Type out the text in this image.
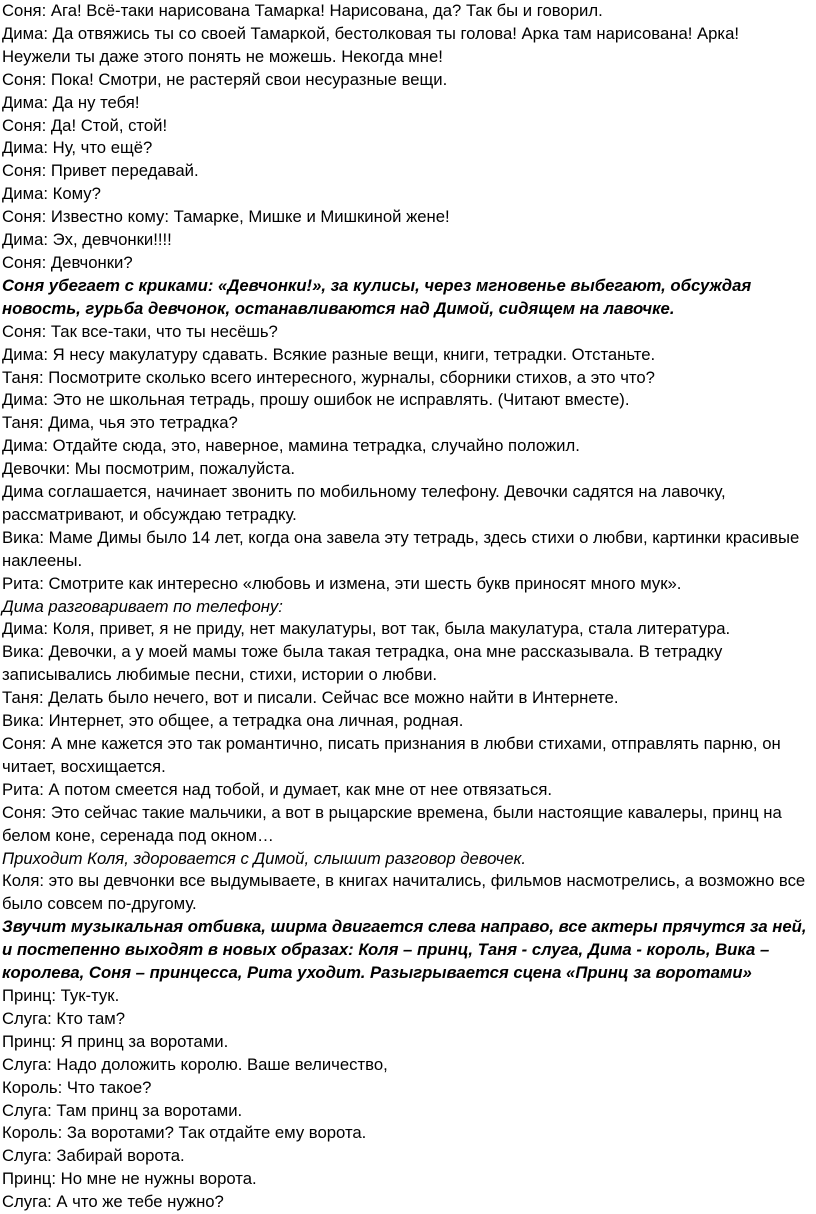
Соня: Ага! Всё-таки нарисована Тамарка! Нарисована, да? Так бы и говорил.

Дима: Да отвяжись ты со своей Тамаркой, бестолковая ты голова! Арка там нарисована! Арка! Неужели ты даже этого понять не можешь. Некогда мне!

Соня: Пока! Смотри, не растеряй свои несуразные вещи.

Дима: Да ну тебя!

Соня: Да! Стой, стой!

Дима: Ну, что ещё?

Соня: Привет передавай.

Дима: Кому?

Соня: Известно кому: Тамарке, Мишке и Мишкиной жене!

Дима: Эх, девчонки!!!!

Соня: Девчонки?

Соня убегает с криками: «Девчонки!», за кулисы, через мгновенье выбегают, обсуждая новость, гурьба девчонок, останавливаются над Димой, сидящем на лавочке.

Соня: Так все-таки, что ты несёшь?

Дима: Я несу макулатуру сдавать. Всякие разные вещи, книги, тетрадки. Отстаньте.

Таня: Посмотрите сколько всего интересного, журналы, сборники стихов, а это что?

Дима: Это не школьная тетрадь, прошу ошибок не исправлять. (Читают вместе).

Таня: Дима, чья это тетрадка?

Дима: Отдайте сюда, это, наверное, мамина тетрадка, случайно положил.

Девочки: Мы посмотрим, пожалуйста.

Дима соглашается, начинает звонить по мобильному телефону. Девочки садятся на лавочку, рассматривают, и обсуждаю тетрадку.

Вика: Маме Димы было 14 лет, когда она завела эту тетрадь, здесь стихи о любви, картинки красивые наклеены.

Рита: Смотрите как интересно «любовь и измена, эти шесть букв приносят много мук».

Дима разговаривает по телефону:

Дима: Коля, привет, я не приду, нет макулатуры, вот так, была макулатура, стала литература.

Вика: Девочки, а у моей мамы тоже была такая тетрадка, она мне рассказывала. В тетрадку записывались любимые песни, стихи, истории о любви.

Таня: Делать было нечего, вот и писали. Сейчас все можно найти в Интернете.

Вика: Интернет, это общее, а тетрадка она личная, родная.

Соня: А мне кажется это так романтично, писать признания в любви стихами, отправлять парню, он читает, восхищается.

Рита: А потом смеется над тобой, и думает, как мне от нее отвязаться.

Соня: Это сейчас такие мальчики, а вот в рыцарские времена, были настоящие кавалеры, принц на белом коне, серенада под окном…

Приходит Коля, здоровается с Димой, слышит разговор девочек.

Коля: это вы девчонки все выдумываете, в книгах начитались, фильмов насмотрелись, а возможно все было совсем по-другому.

Звучит музыкальная отбивка, ширма двигается слева направо, все актеры прячутся за ней, и постепенно выходят в новых образах: Коля – принц, Таня - слуга, Дима - король, Вика – королева, Соня – принцесса, Рита уходит. Разыгрывается сцена «Принц за воротами»

Принц: Тук-тук.

Слуга: Кто там?

Принц: Я принц за воротами.

Слуга: Надо доложить королю. Ваше величество,

Король: Что такое?

Слуга: Там принц за воротами.

Король: За воротами? Так отдайте ему ворота.

Слуга: Забирай ворота.

Принц: Но мне не нужны ворота.

Слуга: А что же тебе нужно?
